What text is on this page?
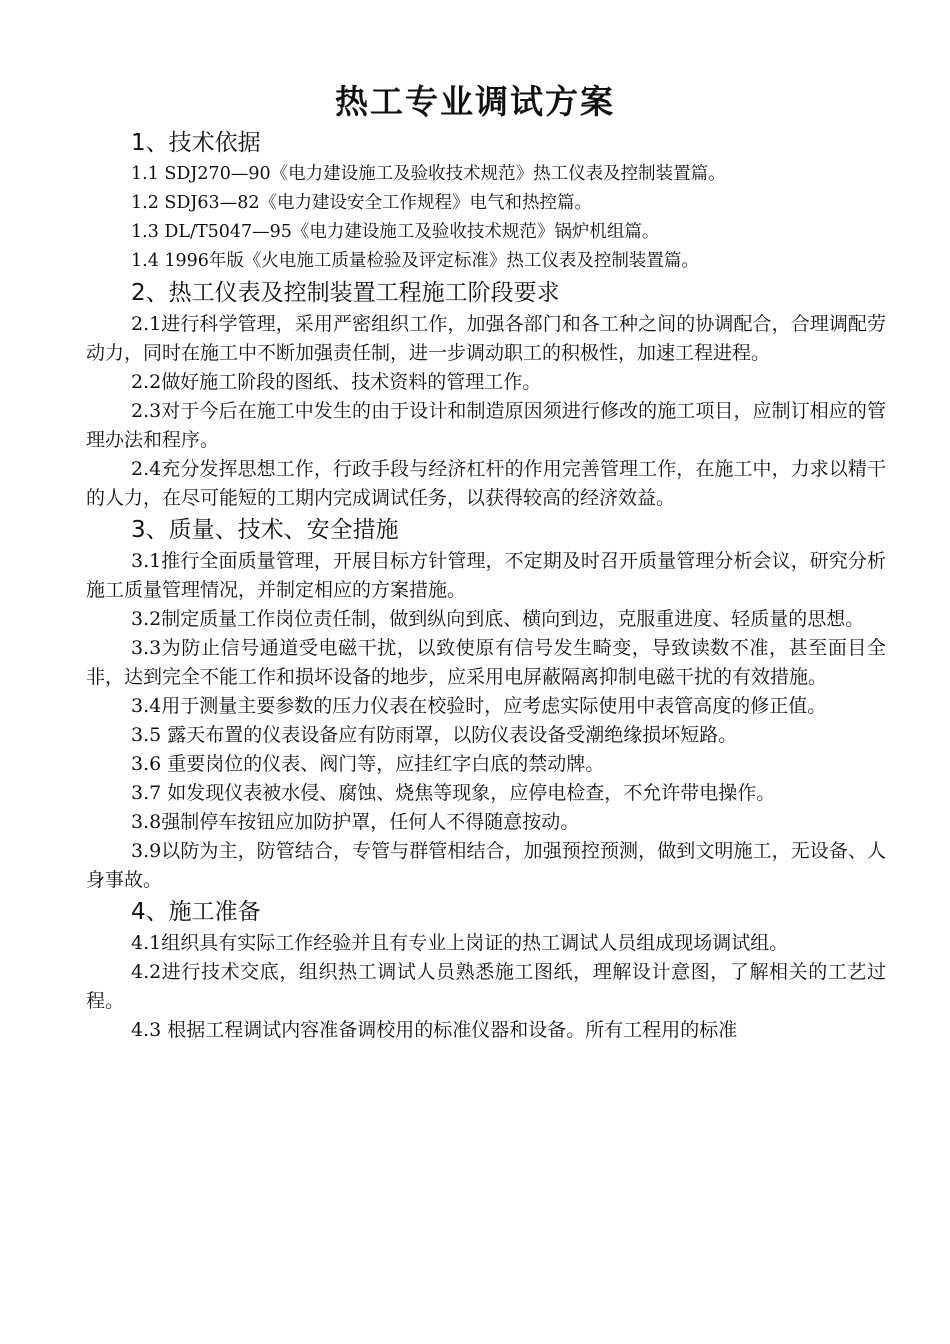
热工专业调试方案
1、技术依据
1.1 SDJ270—90《电力建设施工及验收技术规范》热工仪表及控制装置篇。
1.2 SDJ63—82《电力建设安全工作规程》电气和热控篇。
1.3 DL/T5047—95《电力建设施工及验收技术规范》锅炉机组篇。
1.4 1996年版《火电施工质量检验及评定标准》热工仪表及控制装置篇。
2、热工仪表及控制装置工程施工阶段要求

2.1进行科学管理，采用严密组织工作，加强各部门和各工种之间的协调配合，合理调配劳动力，同时在施工中不断加强责任制，进一步调动职工的积极性，加速工程进程。

2.2做好施工阶段的图纸、技术资料的管理工作。

2.3对于今后在施工中发生的由于设计和制造原因须进行修改的施工项目，应制订相应的管理办法和程序。

2.4充分发挥思想工作，行政手段与经济杠杆的作用完善管理工作，在施工中，力求以精干的人力，在尽可能短的工期内完成调试任务，以获得较高的经济效益。

3、质量、技术、安全措施

3.1推行全面质量管理，开展目标方针管理，不定期及时召开质量管理分析会议，研究分析施工质量管理情况，并制定相应的方案措施。

3.2制定质量工作岗位责任制，做到纵向到底、横向到边，克服重进度、轻质量的思想。

3.3为防止信号通道受电磁干扰，以致使原有信号发生畸变，导致读数不准，甚至面目全非，达到完全不能工作和损坏设备的地步，应采用电屏蔽隔离抑制电磁干扰的有效措施。

3.4用于测量主要参数的压力仪表在校验时，应考虑实际使用中表管高度的修正值。

3.5 露天布置的仪表设备应有防雨罩，以防仪表设备受潮绝缘损坏短路。

3.6 重要岗位的仪表、阀门等，应挂红字白底的禁动牌。

3.7 如发现仪表被水侵、腐蚀、烧焦等现象，应停电检查，不允许带电操作。

3.8强制停车按钮应加防护罩，任何人不得随意按动。

3.9以防为主，防管结合，专管与群管相结合，加强预控预测，做到文明施工，无设备、人身事故。

4、施工准备

4.1组织具有实际工作经验并且有专业上岗证的热工调试人员组成现场调试组。

4.2进行技术交底，组织热工调试人员熟悉施工图纸，理解设计意图，了解相关的工艺过程。

4.3 根据工程调试内容准备调校用的标准仪器和设备。所有工程用的标准
